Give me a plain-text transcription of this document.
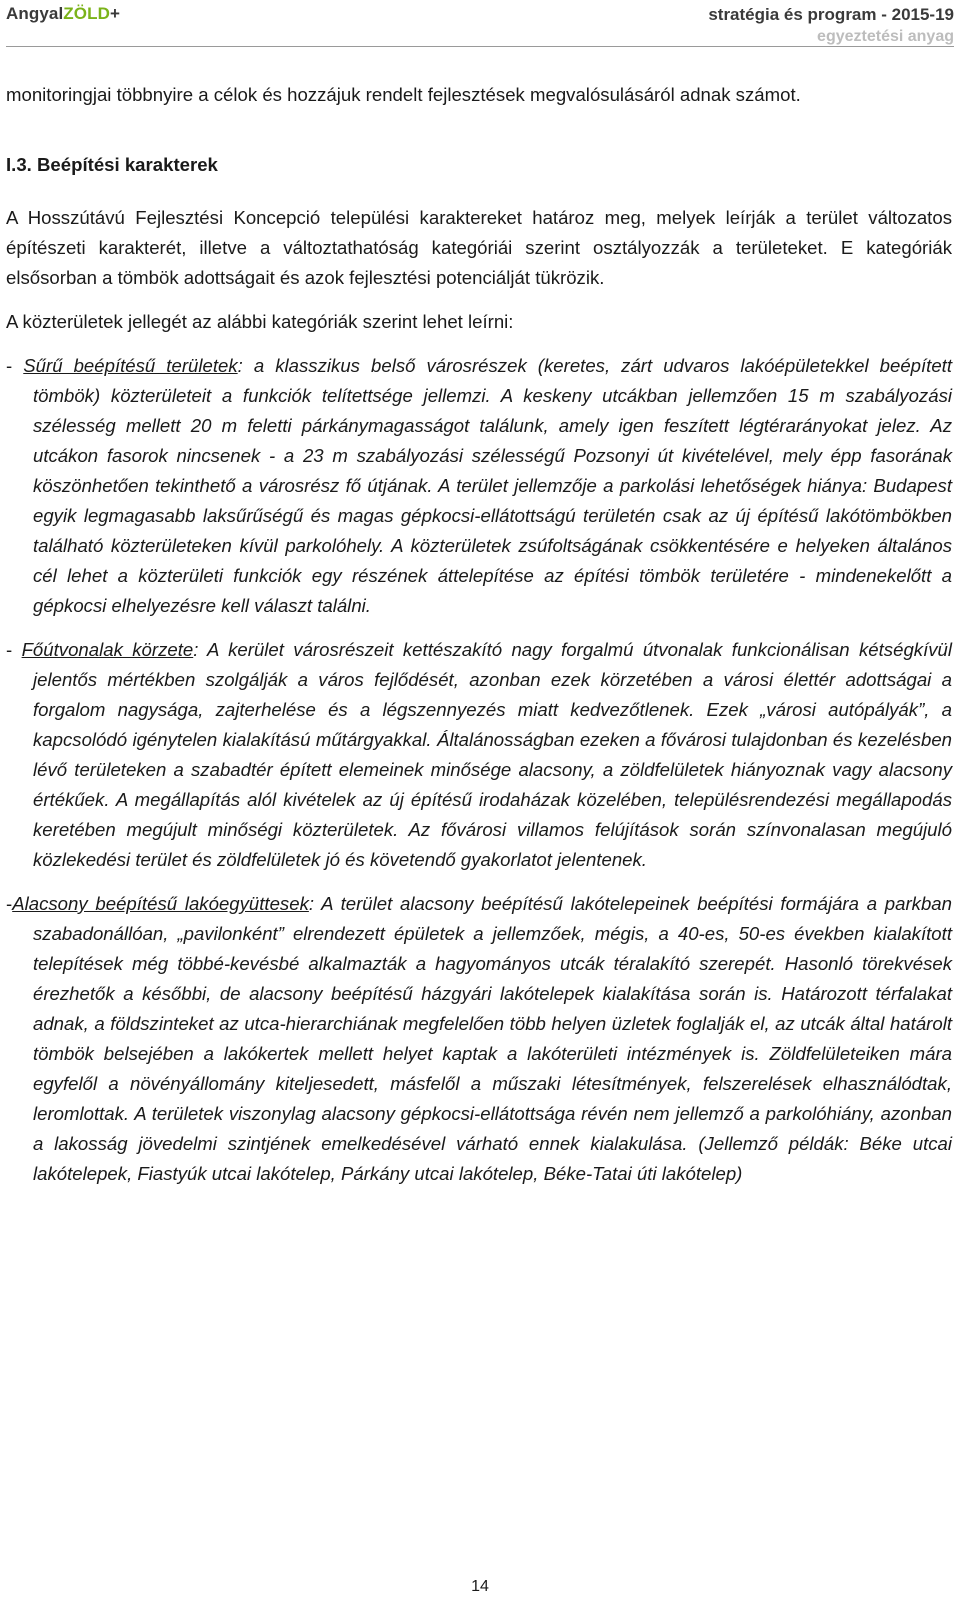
AngyalZÖLD+	stratégia és program - 2015-19
egyeztetési anyag

monitoringjai többnyire a célok és hozzájuk rendelt fejlesztések megvalósulásáról adnak számot.

I.3. Beépítési karakterek

A Hosszútávú Fejlesztési Koncepció települési karaktereket határoz meg, melyek leírják a terület változatos építészeti karakterét, illetve a változtathatóság kategóriái szerint osztályozzák a területeket. E kategóriák elsősorban a tömbök adottságait és azok fejlesztési potenciálját tükrözik.

A közterületek jellegét az alábbi kategóriák szerint lehet leírni:

- Sűrű beépítésű területek: a klasszikus belső városrészek (keretes, zárt udvaros lakóépületekkel beépített tömbök) közterületeit a funkciók telítettsége jellemzi. A keskeny utcákban jellemzően 15 m szabályozási szélesség mellett 20 m feletti párkánymagasságot találunk, amely igen feszített légtérarányokat jelez. Az utcákon fasorok nincsenek - a 23 m szabályozási szélességű Pozsonyi út kivételével, mely épp fasorának köszönhetően tekinthető a városrész fő útjának. A terület jellemzője a parkolási lehetőségek hiánya: Budapest egyik legmagasabb laksűrűségű és magas gépkocsi-ellátottságú területén csak az új építésű lakótömbökben található közterületeken kívül parkolóhely. A közterületek zsúfoltságának csökkentésére e helyeken általános cél lehet a közterületi funkciók egy részének áttelepítése az építési tömbök területére - mindenekelőtt a gépkocsi elhelyezésre kell választ találni.

- Főútvonalak körzete: A kerület városrészeit kettészakító nagy forgalmú útvonalak funkcionálisan kétségkívül jelentős mértékben szolgálják a város fejlődését, azonban ezek körzetében a városi élettér adottságai a forgalom nagysága, zajterhelése és a légszennyezés miatt kedvezőtlenek. Ezek „városi autópályák”, a kapcsolódó igénytelen kialakítású műtárgyakkal. Általánosságban ezeken a fővárosi tulajdonban és kezelésben lévő területeken a szabadtér épített elemeinek minősége alacsony, a zöldfelületek hiányoznak vagy alacsony értékűek. A megállapítás alól kivételek az új építésű irodaházak közelében, településrendezési megállapodás keretében megújult minőségi közterületek. Az fővárosi villamos felújítások során színvonalasan megújuló közlekedési terület és zöldfelületek jó és követendő gyakorlatot jelentenek.

-Alacsony beépítésű lakóegyüttesek: A terület alacsony beépítésű lakótelepeinek beépítési formájára a parkban szabadonállóan, „pavilonként” elrendezett épületek a jellemzőek, mégis, a 40-es, 50-es években kialakított telepítések még többé-kevésbé alkalmazták a hagyományos utcák téralakító szerepét. Hasonló törekvések érezhetők a későbbi, de alacsony beépítésű házgyári lakótelepek kialakítása során is. Határozott térfalakat adnak, a földszinteket az utca-hierarchiának megfelelően több helyen üzletek foglalják el, az utcák által határolt tömbök belsejében a lakókertek mellett helyet kaptak a lakóterületi intézmények is. Zöldfelületeiken mára egyfelől a növényállomány kiteljesedett, másfelől a műszaki létesítmények, felszerelések elhasználódtak, leromlottak. A területek viszonylag alacsony gépkocsi-ellátottsága révén nem jellemző a parkolóhiány, azonban a lakosság jövedelmi szintjének emelkedésével várható ennek kialakulása. (Jellemző példák: Béke utcai lakótelepek, Fiastyúk utcai lakótelep, Párkány utcai lakótelep, Béke-Tatai úti lakótelep)

14
